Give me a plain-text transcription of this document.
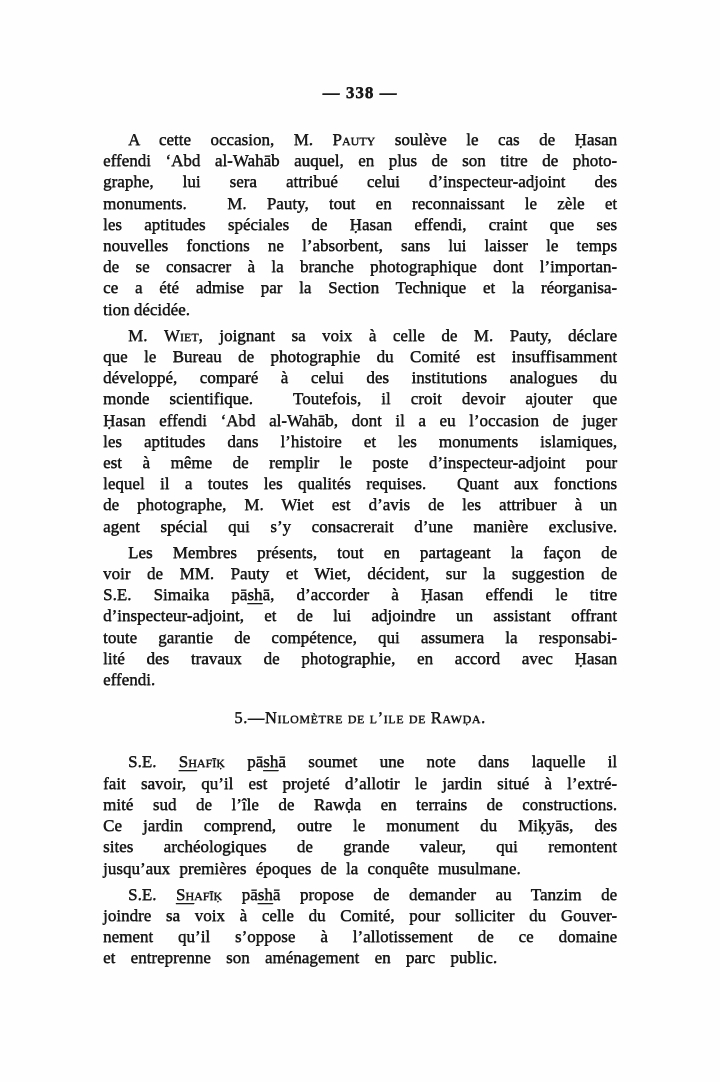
— 338 —
A cette occasion, M. Pauty soulève le cas de Ḥasan
effendi ‘Abd al-Wahāb auquel, en plus de son titre de photo-
graphe, lui sera attribué celui d’inspecteur-adjoint des
monuments.  M. Pauty, tout en reconnaissant le zèle et
les aptitudes spéciales de Ḥasan effendi, craint que ses
nouvelles fonctions ne l’absorbent, sans lui laisser le temps
de se consacrer à la branche photographique dont l’importan-
ce a été admise par la Section Technique et la réorganisa-
tion décidée.
M. Wiet, joignant sa voix à celle de M. Pauty, déclare
que le Bureau de photographie du Comité est insuffisamment
développé, comparé à celui des institutions analogues du
monde scientifique.  Toutefois, il croit devoir ajouter que
Ḥasan effendi ‘Abd al-Wahāb, dont il a eu l’occasion de juger
les aptitudes dans l’histoire et les monuments islamiques,
est à même de remplir le poste d’inspecteur-adjoint pour
lequel il a toutes les qualités requises.  Quant aux fonctions
de photographe, M. Wiet est d’avis de les attribuer à un
agent spécial qui s’y consacrerait d’une manière exclusive.
Les Membres présents, tout en partageant la façon de
voir de MM. Pauty et Wiet, décident, sur la suggestion de
S.E. Simaika pāshā, d’accorder à Ḥasan effendi le titre
d’inspecteur-adjoint, et de lui adjoindre un assistant offrant
toute garantie de compétence, qui assumera la responsabi-
lité des travaux de photographie, en accord avec Ḥasan
effendi.
5.—Nilomètre de l’ile de Rawḍa.
S.E. Shafīḳ pāshā soumet une note dans laquelle il
fait savoir, qu’il est projeté d’allotir le jardin situé à l’extré-
mité sud de l’île de Rawḍa en terrains de constructions.
Ce jardin comprend, outre le monument du Miḳyās, des
sites archéologiques de grande valeur, qui remontent
jusqu’aux premières époques de la conquête musulmane.
S.E. Shafīḳ pāshā propose de demander au Tanzim de
joindre sa voix à celle du Comité, pour solliciter du Gouver-
nement qu’il s’oppose à l’allotissement de ce domaine
et entreprenne son aménagement en parc public.
